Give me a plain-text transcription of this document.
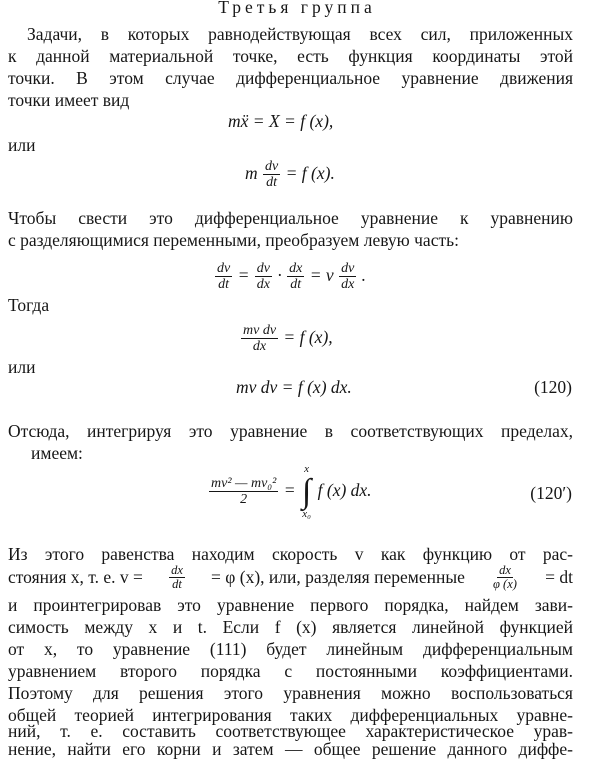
Третья группа
Задачи, в которых равнодействующая всех сил, приложенных
к данной материальной точке, есть функция координаты этой
точки. В этом случае дифференциальное уравнение движения
точки имеет вид
mẍ = X = f (x),
или
m $\frac{dv}{dt} = f$ (x).
Чтобы свести это дифференциальное уравнение к уравнению
с разделяющимися переменными, преобразуем левую часть:
$\frac{dv}{dt} = \frac{dv}{dx} \cdot \frac{dx}{dt} = v \frac{dv}{dx}$ .
Тогда
$\frac{\text{mv dv}}{dx} = f$ (x),
или
mv dv = f (x) dx.	(120)
Отсюда, интегрируя это уравнение в соответствующих пределах,
имеем:
$\frac{\text{mv² — mv₀²}}{2}$ =
x
∫
x₀
f (x) dx.	(120′)
Из этого равенства находим скорость v как функцию от рас-
стояния x, т. е. $v = \frac{dx}{dt} = \varphi$ (x), или, разделяя переменные $\frac{dx}{\varphi (x)}$ = dt
и проинтегрировав это уравнение первого порядка, найдем зави-
симость между x и t. Если f (x) является линейной функцией
от x, то уравнение (111) будет линейным дифференциальным
уравнением второго порядка с постоянными коэффициентами.
Поэтому для решения этого уравнения можно воспользоваться
общей теорией интегрирования таких дифференциальных уравне-
ний, т. е. составить соответствующее характеристическое урав-
нение, найти его корни и затем — общее решение данного диффе-
